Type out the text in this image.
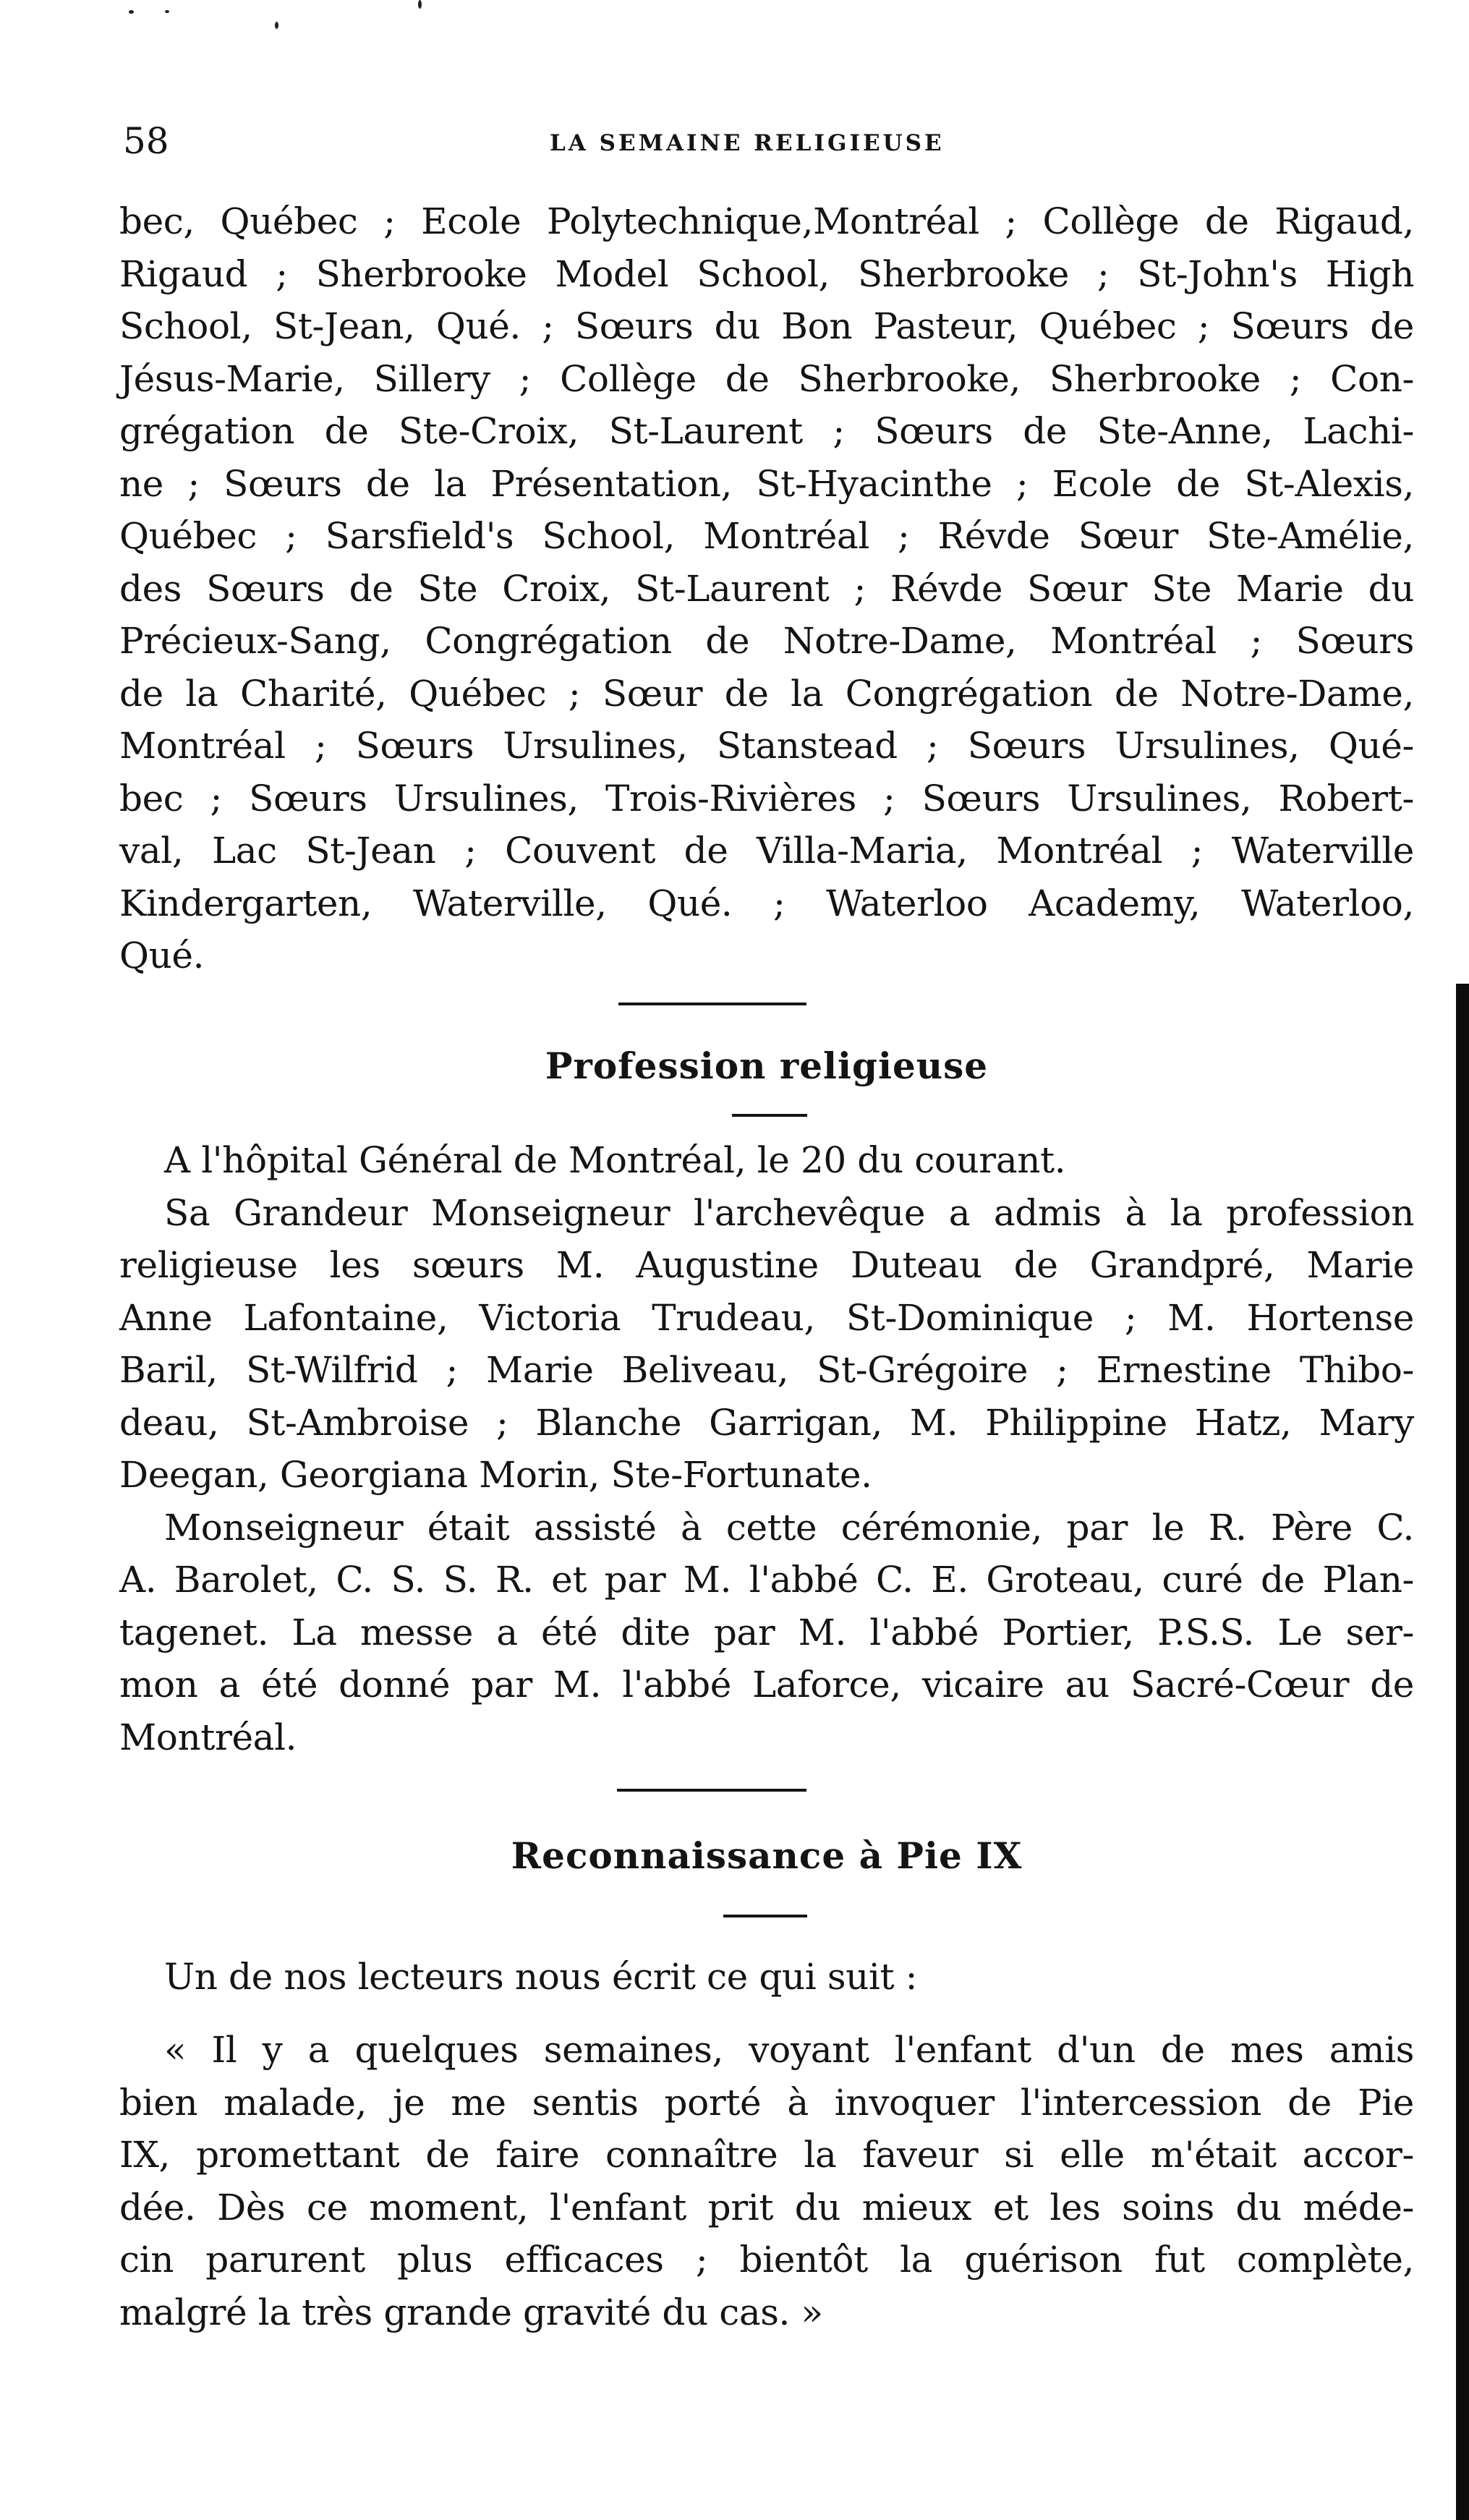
58	LA SEMAINE RELIGIEUSE
bec, Québec ; Ecole Polytechnique,Montréal ; Collège de Rigaud,
Rigaud ; Sherbrooke Model School, Sherbrooke ; St-John's High
School, St-Jean, Qué. ; Sœurs du Bon Pasteur, Québec ; Sœurs de
Jésus-Marie, Sillery ; Collège de Sherbrooke, Sherbrooke ; Con-
grégation de Ste-Croix, St-Laurent ; Sœurs de Ste-Anne, Lachi-
ne ; Sœurs de la Présentation, St-Hyacinthe ; Ecole de St-Alexis,
Québec ; Sarsfield's School, Montréal ; Révde Sœur Ste-Amélie,
des Sœurs de Ste Croix, St-Laurent ; Révde Sœur Ste Marie du
Précieux-Sang, Congrégation de Notre-Dame, Montréal ; Sœurs
de la Charité, Québec ; Sœur de la Congrégation de Notre-Dame,
Montréal ; Sœurs Ursulines, Stanstead ; Sœurs Ursulines, Qué-
bec ; Sœurs Ursulines, Trois-Rivières ; Sœurs Ursulines, Robert-
val, Lac St-Jean ; Couvent de Villa-Maria, Montréal ; Waterville
Kindergarten, Waterville, Qué. ; Waterloo Academy, Waterloo,
Qué.
Profession religieuse
A l'hôpital Général de Montréal, le 20 du courant.
Sa Grandeur Monseigneur l'archevêque a admis à la profession
religieuse les sœurs M. Augustine Duteau de Grandpré, Marie
Anne Lafontaine, Victoria Trudeau, St-Dominique ; M. Hortense
Baril, St-Wilfrid ; Marie Beliveau, St-Grégoire ; Ernestine Thibo-
deau, St-Ambroise ; Blanche Garrigan, M. Philippine Hatz, Mary
Deegan, Georgiana Morin, Ste-Fortunate.
Monseigneur était assisté à cette cérémonie, par le R. Père C.
A. Barolet, C. S. S. R. et par M. l'abbé C. E. Groteau, curé de Plan-
tagenet. La messe a été dite par M. l'abbé Portier, P.S.S. Le ser-
mon a été donné par M. l'abbé Laforce, vicaire au Sacré-Cœur de
Montréal.
Reconnaissance à Pie IX
Un de nos lecteurs nous écrit ce qui suit :
« Il y a quelques semaines, voyant l'enfant d'un de mes amis
bien malade, je me sentis porté à invoquer l'intercession de Pie
IX, promettant de faire connaître la faveur si elle m'était accor-
dée. Dès ce moment, l'enfant prit du mieux et les soins du méde-
cin parurent plus efficaces ; bientôt la guérison fut complète,
malgré la très grande gravité du cas. »
